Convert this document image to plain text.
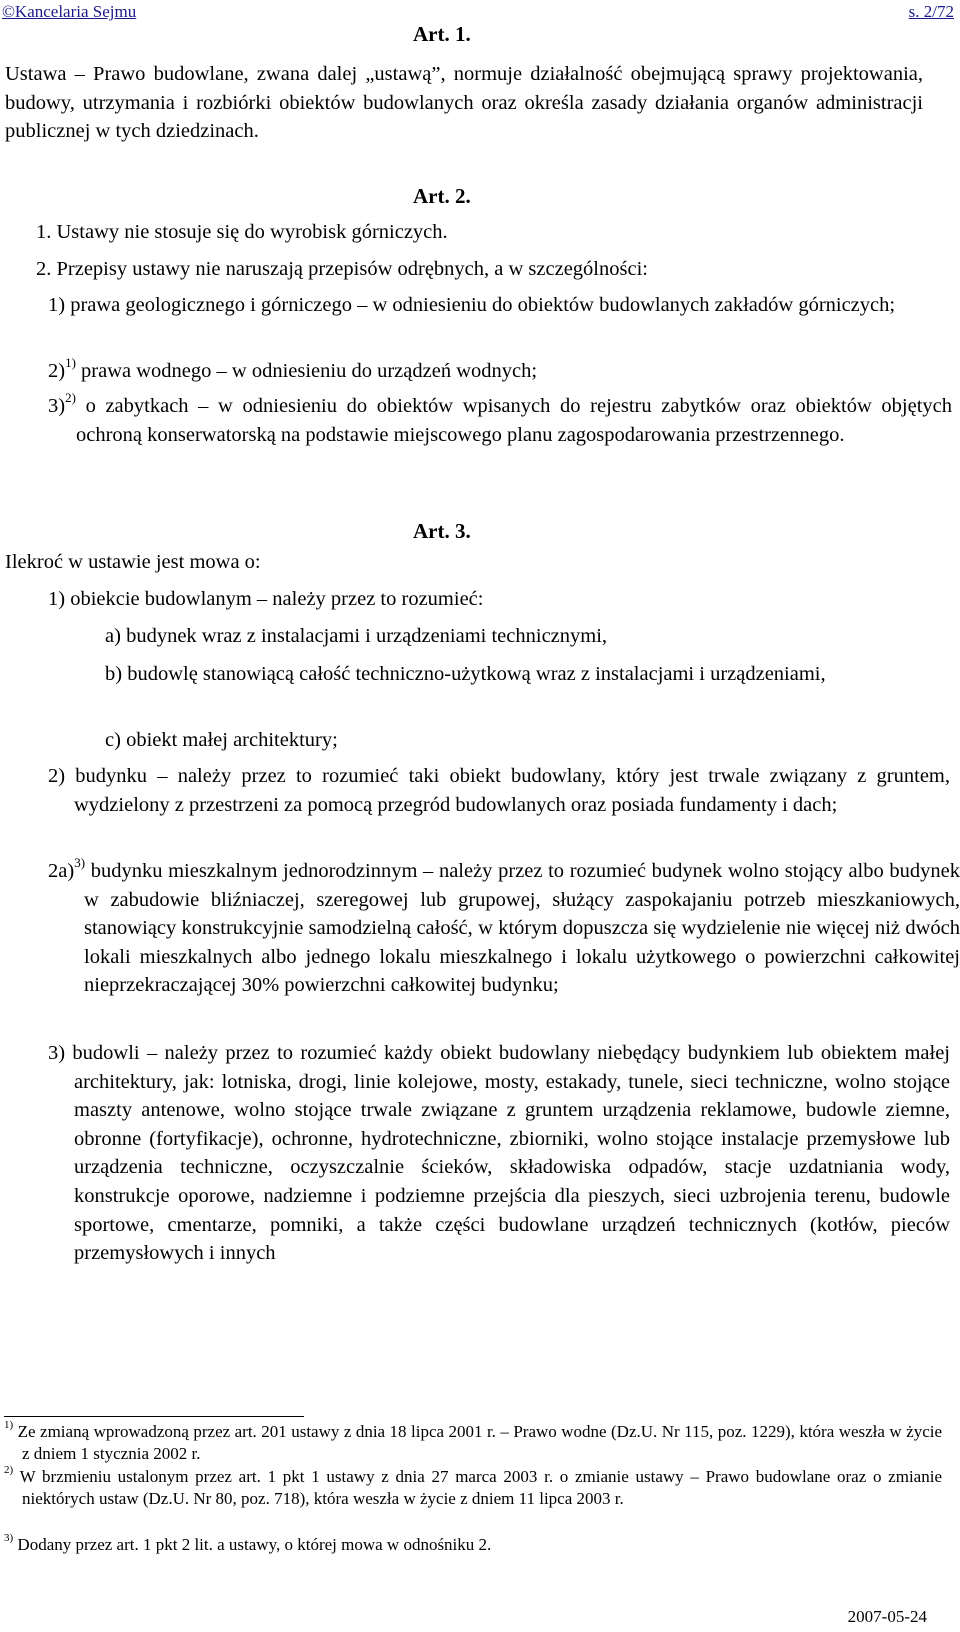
©Kancelaria Sejmu	s. 2/72
Art. 1.
Ustawa – Prawo budowlane, zwana dalej „ustawą”, normuje działalność obejmującą sprawy projektowania, budowy, utrzymania i rozbiórki obiektów budowlanych oraz określa zasady działania organów administracji publicznej w tych dziedzinach.
Art. 2.
1. Ustawy nie stosuje się do wyrobisk górniczych.
2. Przepisy ustawy nie naruszają przepisów odrębnych, a w szczególności:
1) prawa geologicznego i górniczego – w odniesieniu do obiektów budowlanych zakładów górniczych;
2)$^{1)}$ prawa wodnego – w odniesieniu do urządzeń wodnych;
3)$^{2)}$ o zabytkach – w odniesieniu do obiektów wpisanych do rejestru zabytków oraz obiektów objętych ochroną konserwatorską na podstawie miejscowego planu zagospodarowania przestrzennego.
Art. 3.
Ilekroć w ustawie jest mowa o:
1) obiekcie budowlanym – należy przez to rozumieć:
a) budynek wraz z instalacjami i urządzeniami technicznymi,
b) budowlę stanowiącą całość techniczno-użytkową wraz z instalacjami i urządzeniami,
c) obiekt małej architektury;
2) budynku – należy przez to rozumieć taki obiekt budowlany, który jest trwale związany z gruntem, wydzielony z przestrzeni za pomocą przegród budowlanych oraz posiada fundamenty i dach;
2a)$^{3)}$ budynku mieszkalnym jednorodzinnym – należy przez to rozumieć budynek wolno stojący albo budynek w zabudowie bliźniaczej, szeregowej lub grupowej, służący zaspokajaniu potrzeb mieszkaniowych, stanowiący konstrukcyjnie samodzielną całość, w którym dopuszcza się wydzielenie nie więcej niż dwóch lokali mieszkalnych albo jednego lokalu mieszkalnego i lokalu użytkowego o powierzchni całkowitej nieprzekraczającej 30% powierzchni całkowitej budynku;
3) budowli – należy przez to rozumieć każdy obiekt budowlany niebędący budynkiem lub obiektem małej architektury, jak: lotniska, drogi, linie kolejowe, mosty, estakady, tunele, sieci techniczne, wolno stojące maszty antenowe, wolno stojące trwale związane z gruntem urządzenia reklamowe, budowle ziemne, obronne (fortyfikacje), ochronne, hydrotechniczne, zbiorniki, wolno stojące instalacje przemysłowe lub urządzenia techniczne, oczyszczalnie ścieków, składowiska odpadów, stacje uzdatniania wody, konstrukcje oporowe, nadziemne i podziemne przejścia dla pieszych, sieci uzbrojenia terenu, budowle sportowe, cmentarze, pomniki, a także części budowlane urządzeń technicznych (kotłów, pieców przemysłowych i innych
$^{1)}$ Ze zmianą wprowadzoną przez art. 201 ustawy z dnia 18 lipca 2001 r. – Prawo wodne (Dz.U. Nr 115, poz. 1229), która weszła w życie z dniem 1 stycznia 2002 r.
$^{2)}$ W brzmieniu ustalonym przez art. 1 pkt 1 ustawy z dnia 27 marca 2003 r. o zmianie ustawy – Prawo budowlane oraz o zmianie niektórych ustaw (Dz.U. Nr 80, poz. 718), która weszła w życie z dniem 11 lipca 2003 r.
$^{3)}$ Dodany przez art. 1 pkt 2 lit. a ustawy, o której mowa w odnośniku 2.
2007-05-24
